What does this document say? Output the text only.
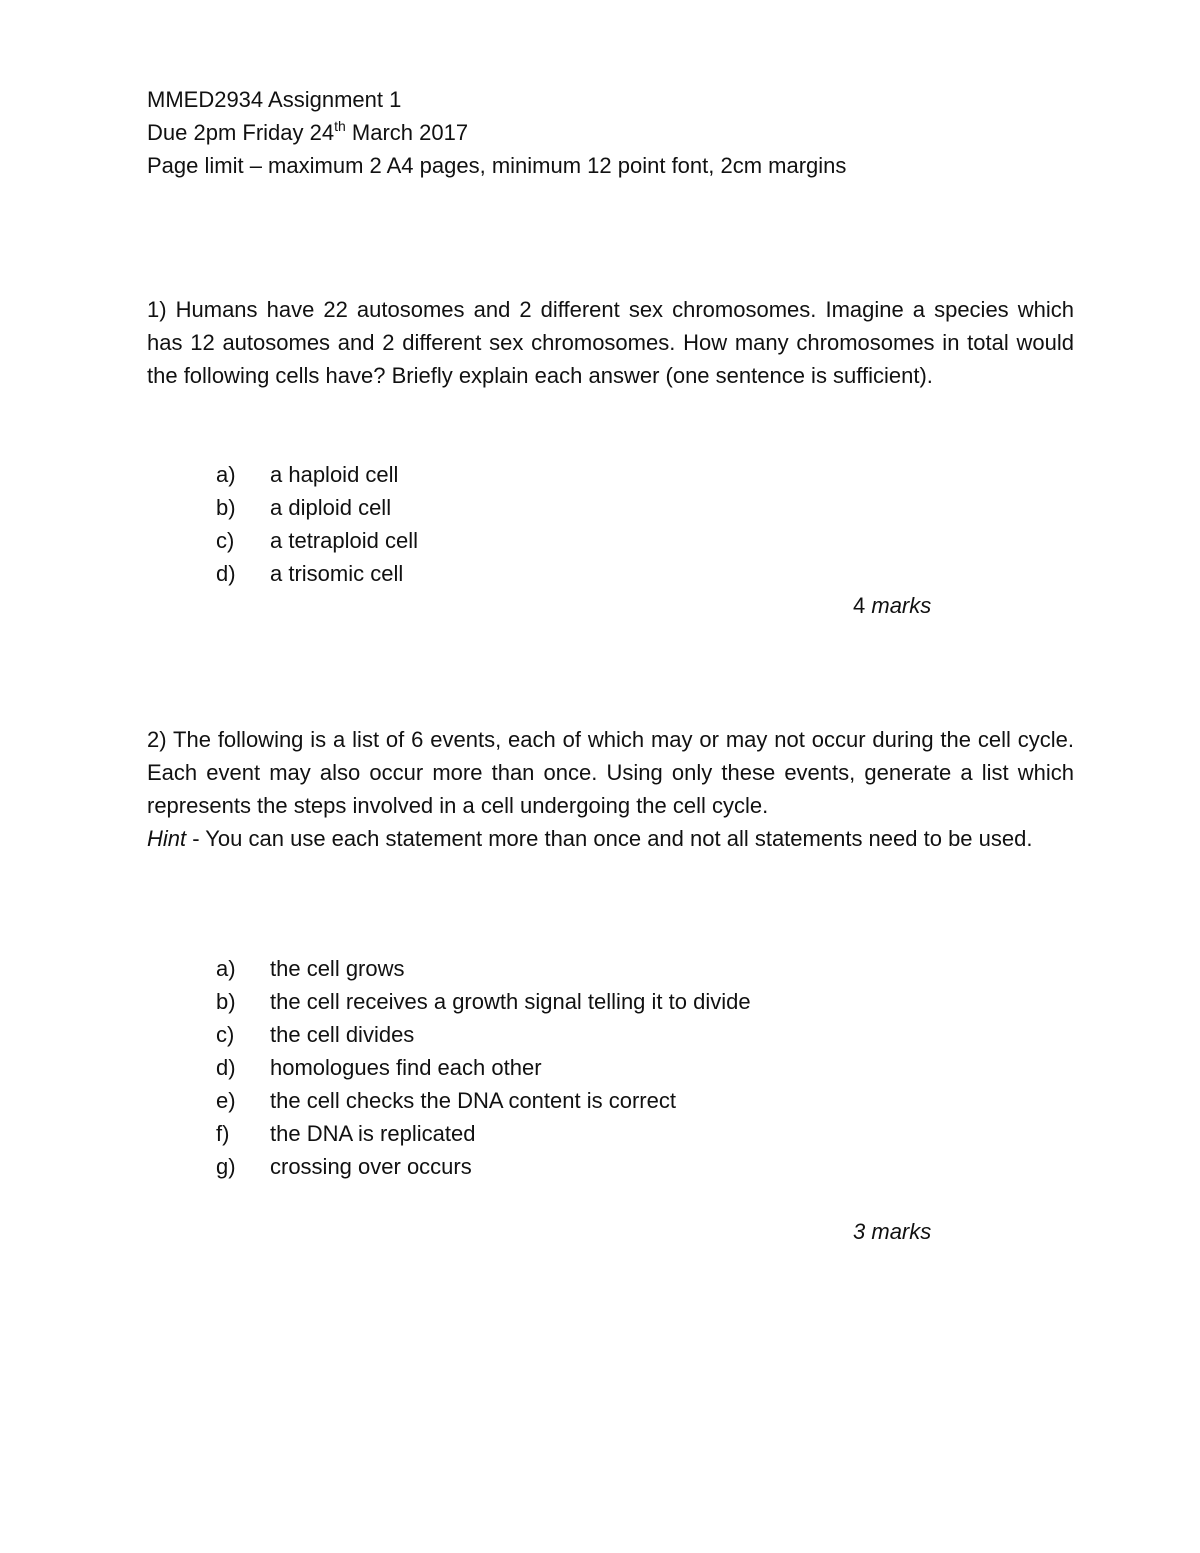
MMED2934 Assignment 1
Due 2pm Friday 24th March 2017
Page limit – maximum 2 A4 pages, minimum 12 point font, 2cm margins
1) Humans have 22 autosomes and 2 different sex chromosomes. Imagine a species which has 12 autosomes and 2 different sex chromosomes. How many chromosomes in total would the following cells have? Briefly explain each answer (one sentence is sufficient).
a) a haploid cell
b) a diploid cell
c) a tetraploid cell
d) a trisomic cell
4 marks
2) The following is a list of 6 events, each of which may or may not occur during the cell cycle. Each event may also occur more than once. Using only these events, generate a list which represents the steps involved in a cell undergoing the cell cycle.
Hint - You can use each statement more than once and not all statements need to be used.
a) the cell grows
b) the cell receives a growth signal telling it to divide
c) the cell divides
d) homologues find each other
e) the cell checks the DNA content is correct
f) the DNA is replicated
g) crossing over occurs
3 marks
